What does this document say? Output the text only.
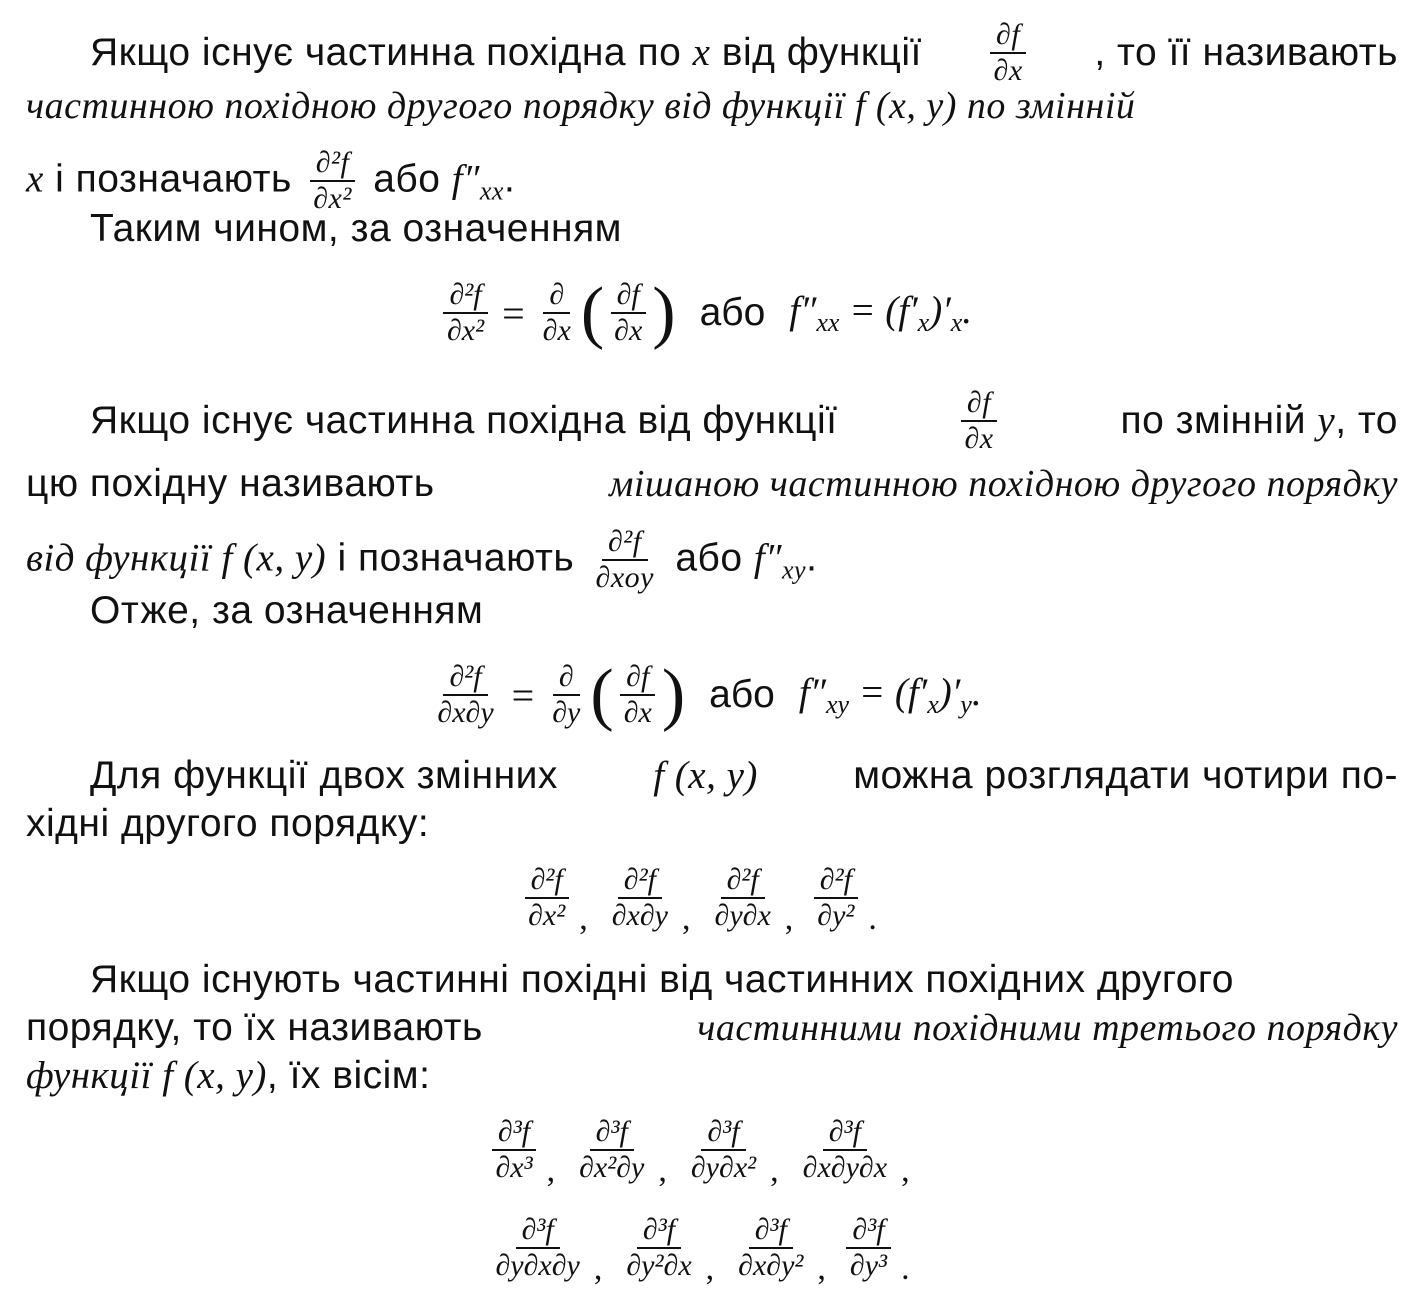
Якщо існує частинна похідна по x від функції $\frac{\partial f}{\partial x}$ , то її називають
частинною похідною другого порядку від функції f (x, y) по змінній
x і позначають $\frac{\text{∂²f}}{\text{∂x²}}$ або $f''_{xx}$.
Таким чином, за означенням
$\frac{\text{∂²f}}{\text{∂x²}} = \frac{\partial}{\partial x}$ ( $\frac{\partial f}{\partial x}$ ) або $f''_{xx} = (f'_x)'_x$.
Якщо існує частинна похідна від функції	$\frac{\partial f}{\partial x}$	по змінній y, то
цю похідну називають	мішаною частинною похідною другого порядку
від функції f (x, y) і позначають $\frac{\text{∂²f}}{\text{∂xoy}}$ або $f''_{xy}$.
Отже, за означенням
$\frac{\text{∂²f}}{\partial x\partial y} = \frac{\partial}{\partial y}$ ( $\frac{\partial f}{\partial x}$ ) або $f''_{xy} = (f'_x)'_y$.
Для функції двох змінних f (x, y) можна розглядати чотири по-
хідні другого порядку:
$\frac{\text{∂²f}}{\text{∂x²}}$ , $\frac{\text{∂²f}}{\partial x\partial y}$ , $\frac{\text{∂²f}}{\partial y\partial x}$ , $\frac{\text{∂²f}}{\text{∂y²}}$ .
Якщо існують частинні похідні від частинних похідних другого
порядку, то їх називають	частинними похідними третього порядку
функції f (x, y), їх вісім:
$\frac{\text{∂³f}}{\text{∂x³}}$ , $\frac{\text{∂³f}}{\text{∂x²∂y}}$ , $\frac{\text{∂³f}}{\text{∂y∂x²}}$ , $\frac{\text{∂³f}}{\partial x\partial y\partial x}$ ,
$\frac{\text{∂³f}}{\partial y\partial x\partial y}$ , $\frac{\text{∂³f}}{\text{∂y²∂x}}$ , $\frac{\text{∂³f}}{\text{∂x∂y²}}$ , $\frac{\text{∂³f}}{\text{∂y³}}$ .
